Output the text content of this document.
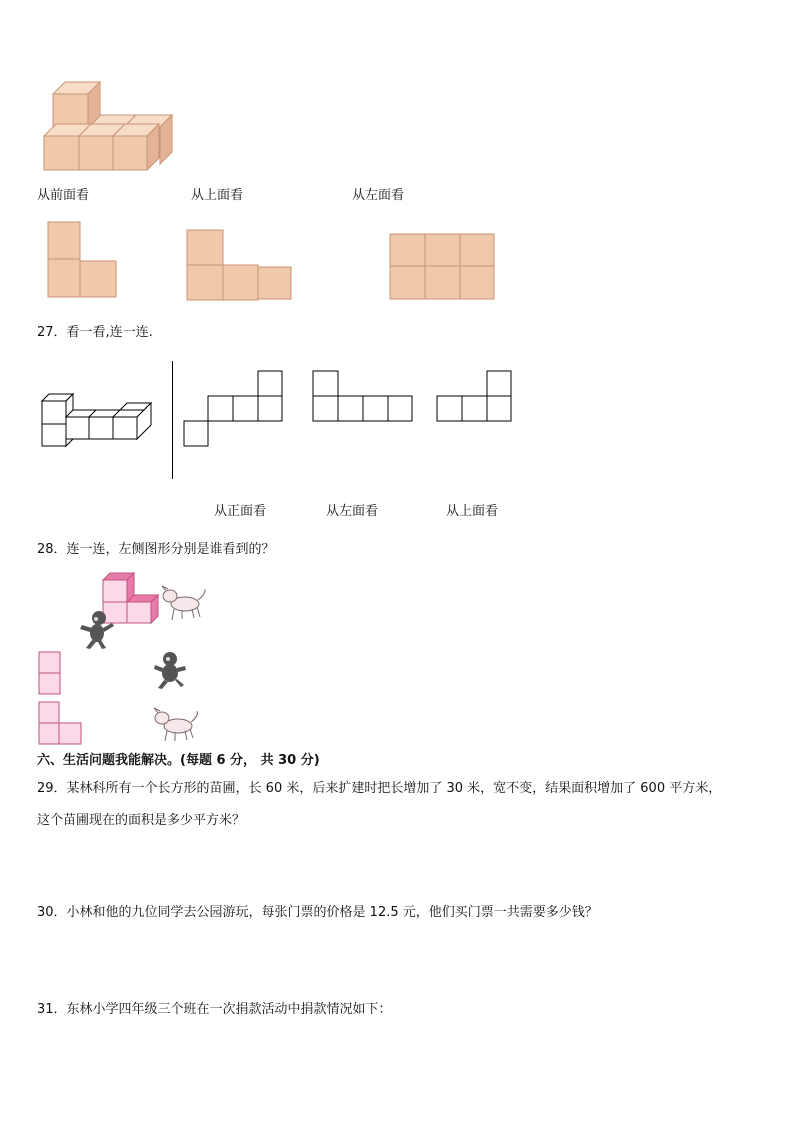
从前面看	从上面看	从左面看
27．看一看,连一连.
从正面看	从左面看	从上面看
28．连一连，左侧图形分别是谁看到的？
六、生活问题我能解决。(每题 6 分， 共 30 分)
29．某林科所有一个长方形的苗圃，长 60 米，后来扩建时把长增加了 30 米，宽不变，结果面积增加了 600 平方米，
这个苗圃现在的面积是多少平方米？
30．小林和他的九位同学去公园游玩，每张门票的价格是 12.5 元，他们买门票一共需要多少钱？
31．东林小学四年级三个班在一次捐款活动中捐款情况如下：
